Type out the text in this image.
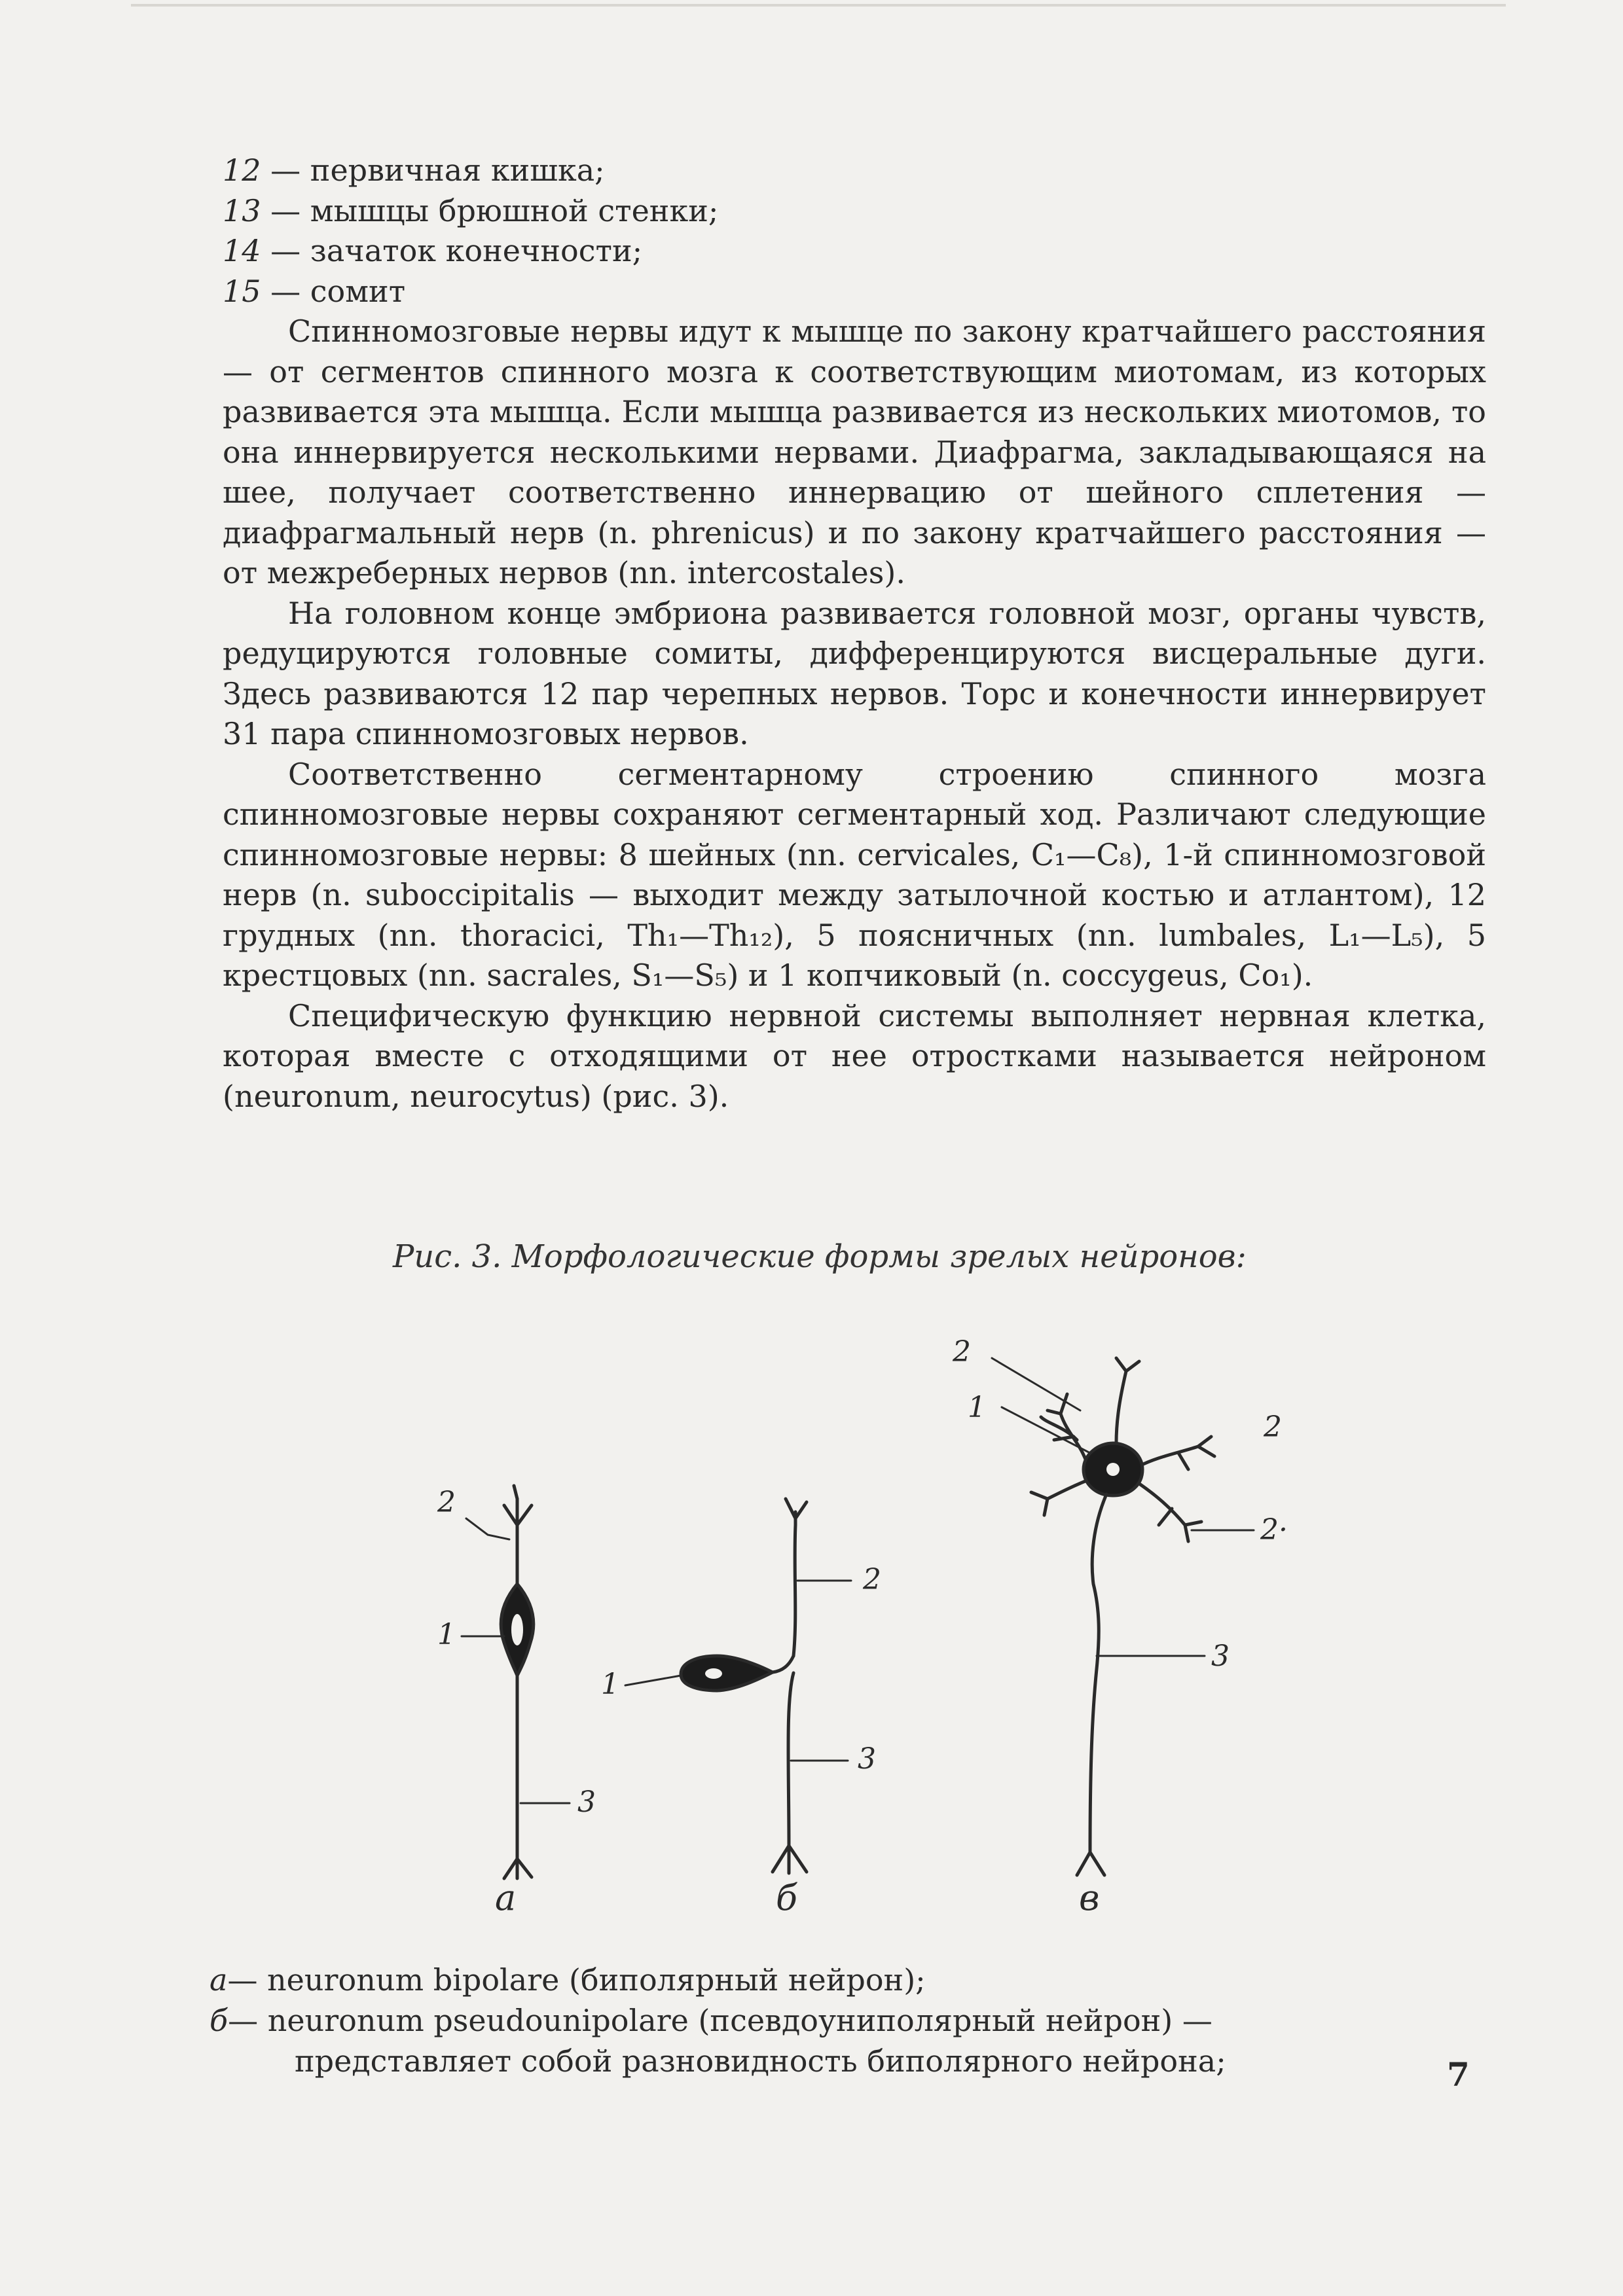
12 — первичная кишка;
13 — мышцы брюшной стенки;
14 — зачаток конечности;
15 — сомит

Спинномозговые нервы идут к мышце по закону кратчайшего расстояния — от сегментов спинного мозга к соответствующим миотомам, из которых развивается эта мышца. Если мышца развивается из нескольких миотомов, то она иннервируется несколькими нервами. Диафрагма, закладывающаяся на шее, получает соответственно иннервацию от шейного сплетения — диафрагмальный нерв (n. phrenicus) и по закону кратчайшего расстояния — от межреберных нервов (nn. intercostales).

На головном конце эмбриона развивается головной мозг, органы чувств, редуцируются головные сомиты, дифференцируются висцеральные дуги. Здесь развиваются 12 пар черепных нервов. Торс и конечности иннервирует 31 пара спинномозговых нервов.

Соответственно сегментарному строению спинного мозга спинномозговые нервы сохраняют сегментарный ход. Различают следующие спинномозговые нервы: 8 шейных (nn. cervicales, C₁—C₈), 1-й спинномозговой нерв (n. suboccipitalis — выходит между затылочной костью и атлантом), 12 грудных (nn. thoracici, Th₁—Th₁₂), 5 поясничных (nn. lumbales, L₁—L₅), 5 крестцовых (nn. sacrales, S₁—S₅) и 1 копчиковый (n. coccygeus, Co₁).

Специфическую функцию нервной системы выполняет нервная клетка, которая вместе с отходящими от нее отростками называется нейроном (neuronum, neurocytus) (рис. 3).

Рис. 3. Морфологические формы зрелых нейронов:
2
1
3
2
1
3
2
1
2
2·
3
а	б	в
а— neuronum bipolare (биполярный нейрон);
б— neuronum pseudounipolare (псевдоуниполярный нейрон) —
представляет собой разновидность биполярного нейрона;	7
